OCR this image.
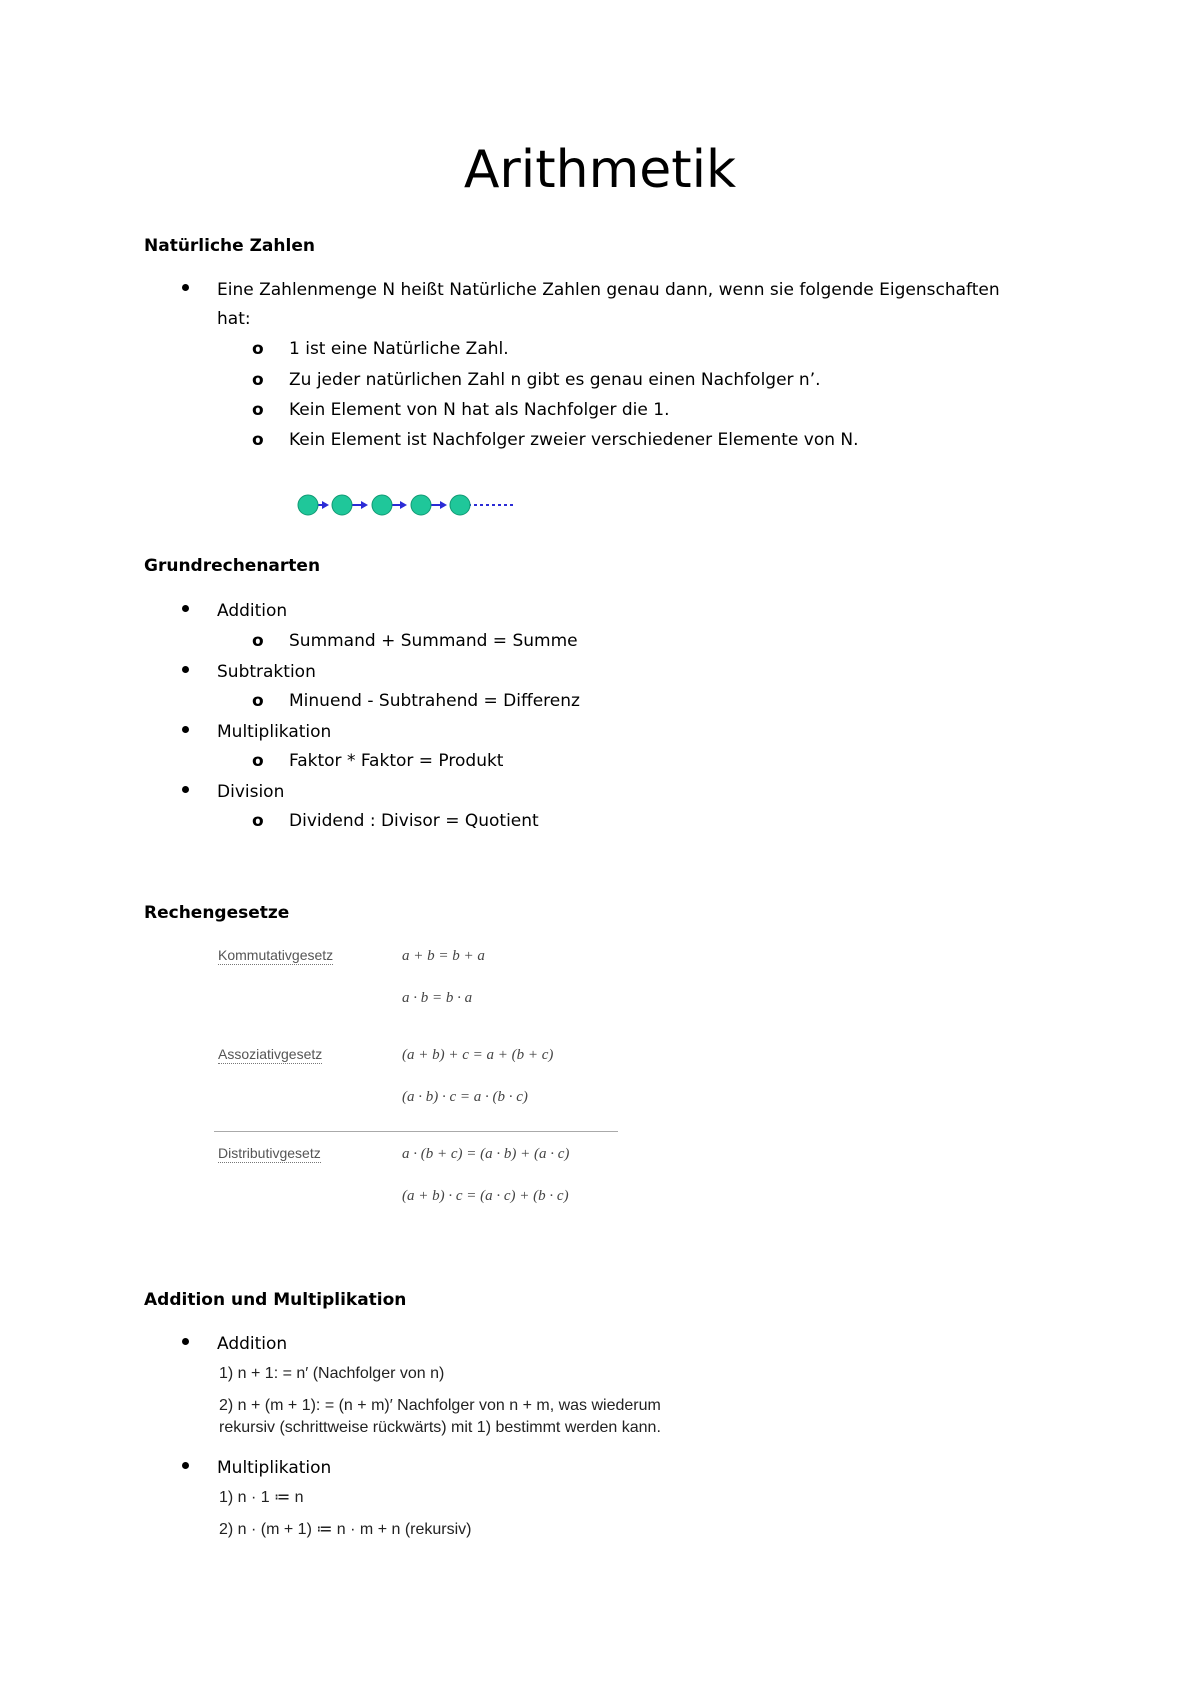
Arithmetik
Natürliche Zahlen
Eine Zahlenmenge N heißt Natürliche Zahlen genau dann, wenn sie folgende Eigenschaften
hat:
o 1 ist eine Natürliche Zahl.
o Zu jeder natürlichen Zahl n gibt es genau einen Nachfolger n’.
o Kein Element von N hat als Nachfolger die 1.
o Kein Element ist Nachfolger zweier verschiedener Elemente von N.
Grundrechenarten
Addition
o Summand + Summand = Summe
Subtraktion
o Minuend - Subtrahend = Differenz
Multiplikation
o Faktor * Faktor = Produkt
Division
o Dividend : Divisor = Quotient
Rechengesetze
Kommutativgesetz	a + b = b + a
a · b = b · a
Assoziativgesetz	(a + b) + c = a + (b + c)
(a · b) · c = a · (b · c)
Distributivgesetz	a · (b + c) = (a · b) + (a · c)
(a + b) · c = (a · c) + (b · c)
Addition und Multiplikation
Addition
1) n + 1: = n′ (Nachfolger von n)
2) n + (m + 1): = (n + m)′ Nachfolger von n + m, was wiederum
rekursiv (schrittweise rückwärts) mit 1) bestimmt werden kann.
Multiplikation
1) n · 1 ≔ n
2) n · (m + 1) ≔ n · m + n (rekursiv)
